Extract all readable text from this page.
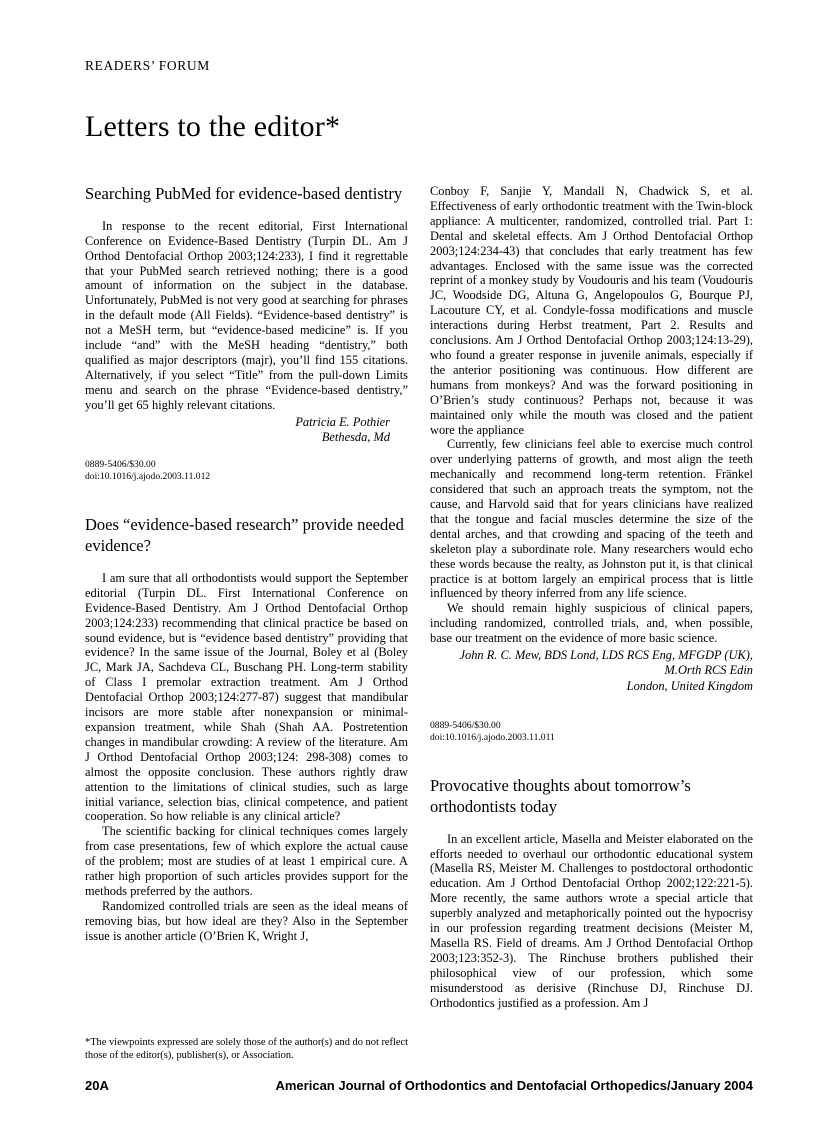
READERS’ FORUM
Letters to the editor*
Searching PubMed for evidence-based dentistry

In response to the recent editorial, First International Conference on Evidence-Based Dentistry (Turpin DL. Am J Orthod Dentofacial Orthop 2003;124:233), I find it regrettable that your PubMed search retrieved nothing; there is a good amount of information on the subject in the database. Unfortunately, PubMed is not very good at searching for phrases in the default mode (All Fields). “Evidence-based dentistry” is not a MeSH term, but “evidence-based medicine” is. If you include “and” with the MeSH heading “dentistry,” both qualified as major descriptors (majr), you’ll find 155 citations. Alternatively, if you select “Title” from the pull-down Limits menu and search on the phrase “Evidence-based dentistry,” you’ll get 65 highly relevant citations.

Patricia E. Pothier
Bethesda, Md
0889-5406/$30.00
doi:10.1016/j.ajodo.2003.11.012
Does “evidence-based research” provide needed evidence?

I am sure that all orthodontists would support the September editorial (Turpin DL. First International Conference on Evidence-Based Dentistry. Am J Orthod Dentofacial Orthop 2003;124:233) recommending that clinical practice be based on sound evidence, but is “evidence based dentistry” providing that evidence? In the same issue of the Journal, Boley et al (Boley JC, Mark JA, Sachdeva CL, Buschang PH. Long-term stability of Class I premolar extraction treatment. Am J Orthod Dentofacial Orthop 2003;124:277-87) suggest that mandibular incisors are more stable after nonexpansion or minimal-expansion treatment, while Shah (Shah AA. Postretention changes in mandibular crowding: A review of the literature. Am J Orthod Dentofacial Orthop 2003;124: 298-308) comes to almost the opposite conclusion. These authors rightly draw attention to the limitations of clinical studies, such as large initial variance, selection bias, clinical competence, and patient cooperation. So how reliable is any clinical article?

The scientific backing for clinical techniques comes largely from case presentations, few of which explore the actual cause of the problem; most are studies of at least 1 empirical cure. A rather high proportion of such articles provides support for the methods preferred by the authors.

Randomized controlled trials are seen as the ideal means of removing bias, but how ideal are they? Also in the September issue is another article (O’Brien K, Wright J,

*The viewpoints expressed are solely those of the author(s) and do not reflect those of the editor(s), publisher(s), or Association.

Conboy F, Sanjie Y, Mandall N, Chadwick S, et al. Effectiveness of early orthodontic treatment with the Twin-block appliance: A multicenter, randomized, controlled trial. Part 1: Dental and skeletal effects. Am J Orthod Dentofacial Orthop 2003;124:234-43) that concludes that early treatment has few advantages. Enclosed with the same issue was the corrected reprint of a monkey study by Voudouris and his team (Voudouris JC, Woodside DG, Altuna G, Angelopoulos G, Bourque PJ, Lacouture CY, et al. Condyle-fossa modifications and muscle interactions during Herbst treatment, Part 2. Results and conclusions. Am J Orthod Dentofacial Orthop 2003;124:13-29), who found a greater response in juvenile animals, especially if the anterior positioning was continuous. How different are humans from monkeys? And was the forward positioning in O’Brien’s study continuous? Perhaps not, because it was maintained only while the mouth was closed and the patient wore the appliance

Currently, few clinicians feel able to exercise much control over underlying patterns of growth, and most align the teeth mechanically and recommend long-term retention. Fränkel considered that such an approach treats the symptom, not the cause, and Harvold said that for years clinicians have realized that the tongue and facial muscles determine the size of the dental arches, and that crowding and spacing of the teeth and skeleton play a subordinate role. Many researchers would echo these words because the realty, as Johnston put it, is that clinical practice is at bottom largely an empirical process that is little influenced by theory inferred from any life science.

We should remain highly suspicious of clinical papers, including randomized, controlled trials, and, when possible, base our treatment on the evidence of more basic science.

John R. C. Mew, BDS Lond, LDS RCS Eng, MFGDP (UK),
M.Orth RCS Edin
London, United Kingdom
0889-5406/$30.00
doi:10.1016/j.ajodo.2003.11.011
Provocative thoughts about tomorrow’s orthodontists today

In an excellent article, Masella and Meister elaborated on the efforts needed to overhaul our orthodontic educational system (Masella RS, Meister M. Challenges to postdoctoral orthodontic education. Am J Orthod Dentofacial Orthop 2002;122:221-5). More recently, the same authors wrote a special article that superbly analyzed and metaphorically pointed out the hypocrisy in our profession regarding treatment decisions (Meister M, Masella RS. Field of dreams. Am J Orthod Dentofacial Orthop 2003;123:352-3). The Rinchuse brothers published their philosophical view of our profession, which some misunderstood as derisive (Rinchuse DJ, Rinchuse DJ. Orthodontics justified as a profession. Am J

20A	American Journal of Orthodontics and Dentofacial Orthopedics/January 2004
